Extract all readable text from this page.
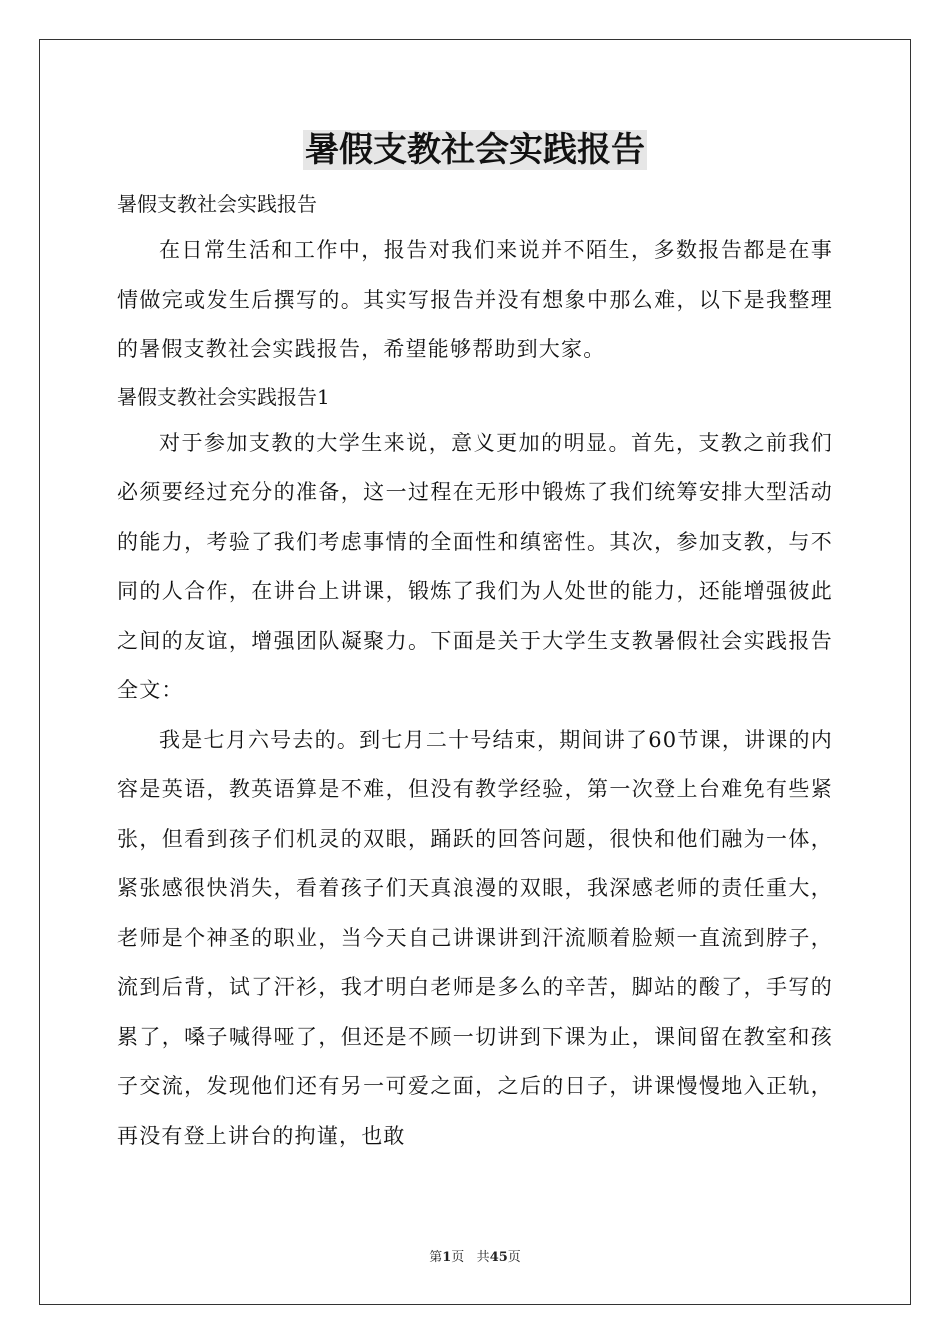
暑假支教社会实践报告

暑假支教社会实践报告

在日常生活和工作中，报告对我们来说并不陌生，多数报告都是在事情做完或发生后撰写的。其实写报告并没有想象中那么难，以下是我整理的暑假支教社会实践报告，希望能够帮助到大家。

暑假支教社会实践报告1

对于参加支教的大学生来说，意义更加的明显。首先，支教之前我们必须要经过充分的准备，这一过程在无形中锻炼了我们统筹安排大型活动的能力，考验了我们考虑事情的全面性和缜密性。其次，参加支教，与不同的人合作，在讲台上讲课，锻炼了我们为人处世的能力，还能增强彼此之间的友谊，增强团队凝聚力。下面是关于大学生支教暑假社会实践报告全文：

我是七月六号去的。到七月二十号结束，期间讲了60节课，讲课的内容是英语，教英语算是不难，但没有教学经验，第一次登上台难免有些紧张，但看到孩子们机灵的双眼，踊跃的回答问题，很快和他们融为一体，紧张感很快消失，看着孩子们天真浪漫的双眼，我深感老师的责任重大，老师是个神圣的职业，当今天自己讲课讲到汗流顺着脸颊一直流到脖子，流到后背，试了汗衫，我才明白老师是多么的辛苦，脚站的酸了，手写的累了，嗓子喊得哑了，但还是不顾一切讲到下课为止，课间留在教室和孩子交流，发现他们还有另一可爱之面，之后的日子，讲课慢慢地入正轨，再没有登上讲台的拘谨，也敢

第1页 共45页
